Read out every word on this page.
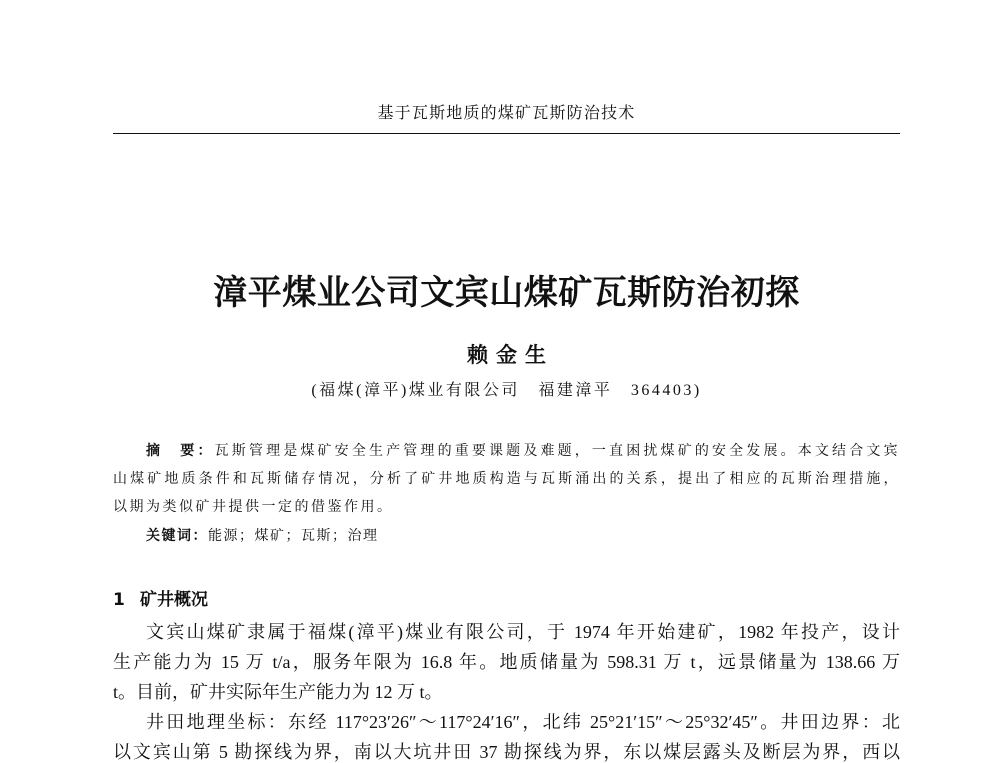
基于瓦斯地质的煤矿瓦斯防治技术
漳平煤业公司文宾山煤矿瓦斯防治初探
赖金生
(福煤(漳平)煤业有限公司　福建漳平　364403)
摘　要：瓦斯管理是煤矿安全生产管理的重要课题及难题，一直困扰煤矿的安全发展。本文结合文宾
山煤矿地质条件和瓦斯储存情况，分析了矿井地质构造与瓦斯涌出的关系，提出了相应的瓦斯治理措施，
以期为类似矿井提供一定的借鉴作用。
关键词：能源；煤矿；瓦斯；治理
1 矿井概况
文宾山煤矿隶属于福煤(漳平)煤业有限公司，于 1974 年开始建矿，1982 年投产，设计
生产能力为 15 万 t/a，服务年限为 16.8 年。地质储量为 598.31 万 t，远景储量为 138.66 万
t。目前，矿井实际年生产能力为 12 万 t。
井田地理坐标：东经 117°23′26″～117°24′16″，北纬 25°21′15″～25°32′45″。井田边界：北
以文宾山第 5 勘探线为界，南以大坑井田 37 勘探线为界，东以煤层露头及断层为界，西以
